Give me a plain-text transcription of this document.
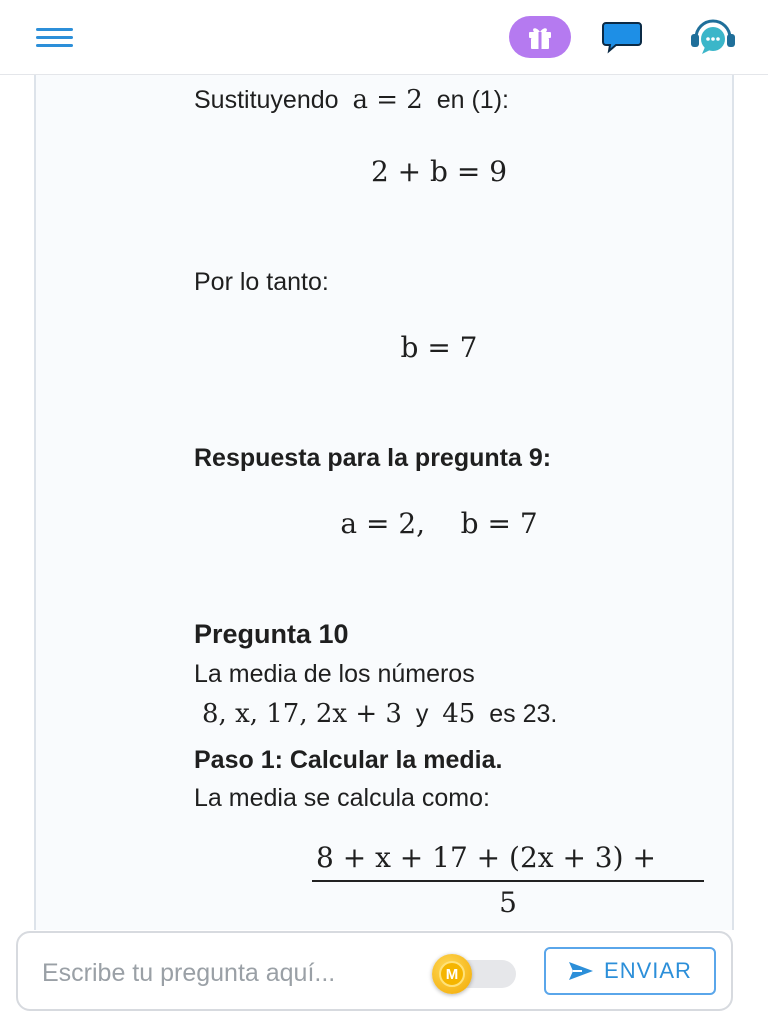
Sustituyendo a = 2 en (1):
2 + b = 9
Por lo tanto:
b = 7
Respuesta para la pregunta 9:
a = 2,    b = 7
Pregunta 10
La media de los números
8, x, 17, 2x + 3 y 45 es 23.
Paso 1: Calcular la media.
La media se calcula como:
8 + x + 17 + (2x + 3) +
5
Escribe tu pregunta aquí...
M	ENVIAR
